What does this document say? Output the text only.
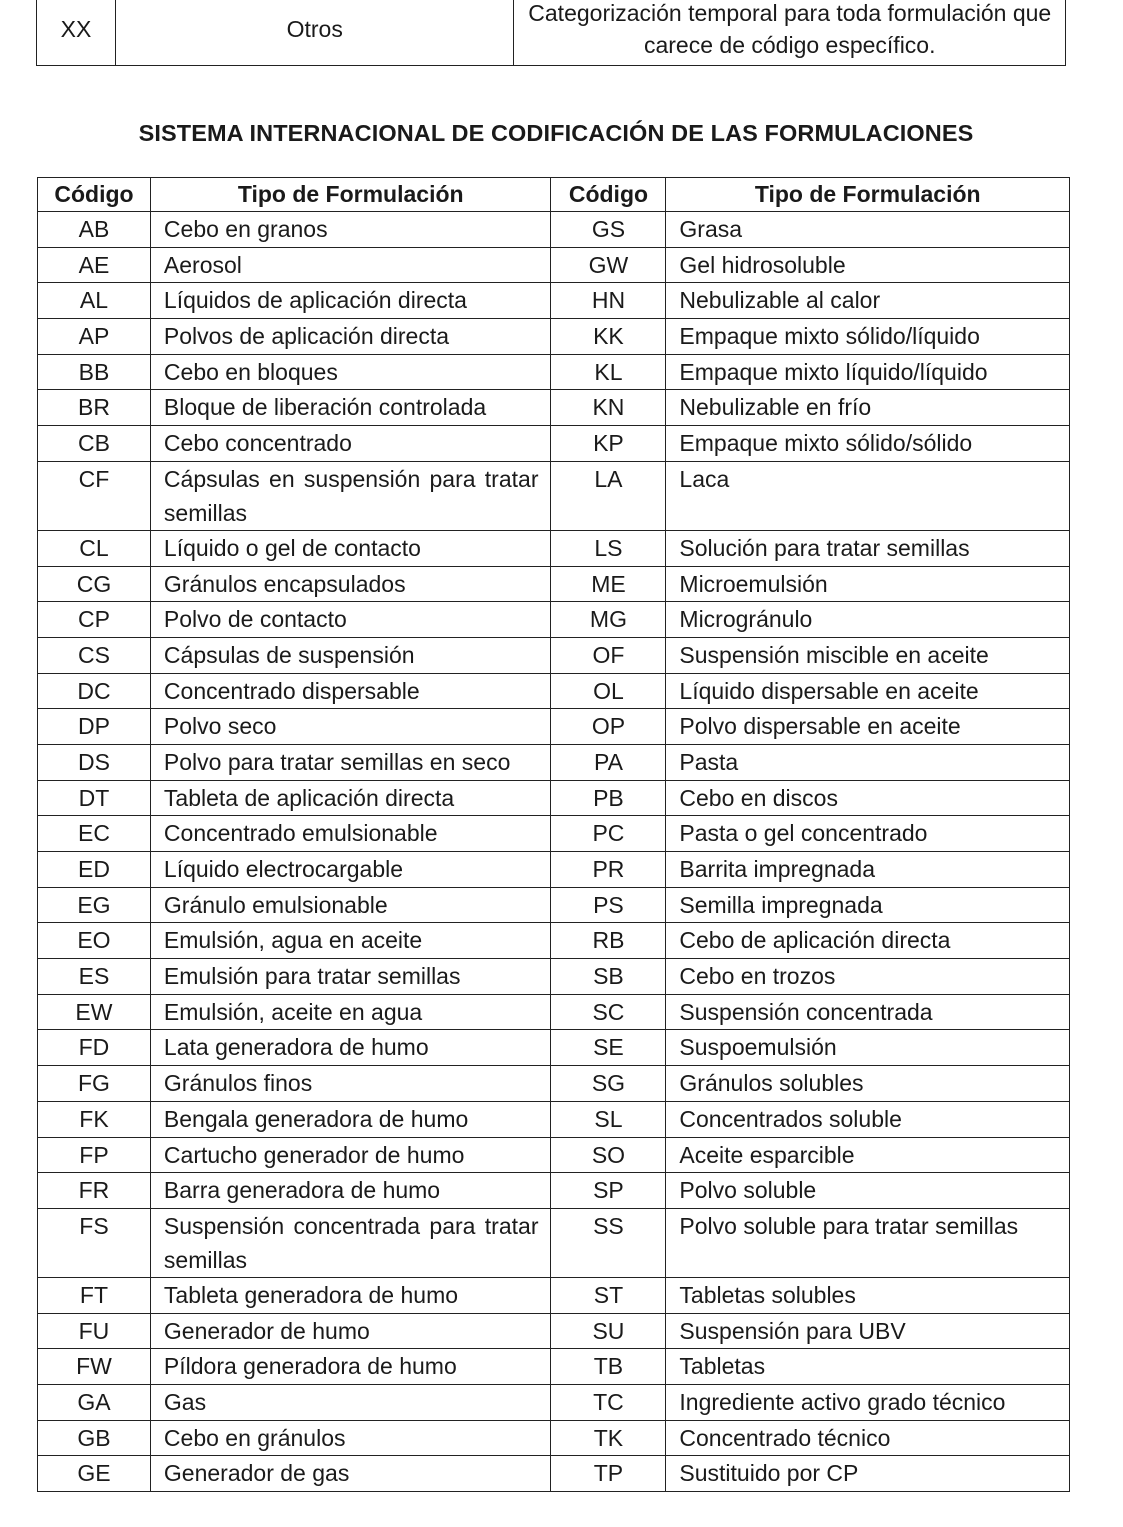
XX	Otros	Categorización temporal para toda formulación que carece de código específico.
SISTEMA INTERNACIONAL DE CODIFICACIÓN DE LAS FORMULACIONES
Código	Tipo de Formulación	Código	Tipo de Formulación
AB	Cebo en granos	GS	Grasa
AE	Aerosol	GW	Gel hidrosoluble
AL	Líquidos de aplicación directa	HN	Nebulizable al calor
AP	Polvos de aplicación directa	KK	Empaque mixto sólido/líquido
BB	Cebo en bloques	KL	Empaque mixto líquido/líquido
BR	Bloque de liberación controlada	KN	Nebulizable en frío
CB	Cebo concentrado	KP	Empaque mixto sólido/sólido
CF	Cápsulas en suspensión para tratar semillas	LA	Laca
CL	Líquido o gel de contacto	LS	Solución para tratar semillas
CG	Gránulos encapsulados	ME	Microemulsión
CP	Polvo de contacto	MG	Microgránulo
CS	Cápsulas de suspensión	OF	Suspensión miscible en aceite
DC	Concentrado dispersable	OL	Líquido dispersable en aceite
DP	Polvo seco	OP	Polvo dispersable en aceite
DS	Polvo para tratar semillas en seco	PA	Pasta
DT	Tableta de aplicación directa	PB	Cebo en discos
EC	Concentrado emulsionable	PC	Pasta o gel concentrado
ED	Líquido electrocargable	PR	Barrita impregnada
EG	Gránulo emulsionable	PS	Semilla impregnada
EO	Emulsión, agua en aceite	RB	Cebo de aplicación directa
ES	Emulsión para tratar semillas	SB	Cebo en trozos
EW	Emulsión, aceite en agua	SC	Suspensión concentrada
FD	Lata generadora de humo	SE	Suspoemulsión
FG	Gránulos finos	SG	Gránulos solubles
FK	Bengala generadora de humo	SL	Concentrados soluble
FP	Cartucho generador de humo	SO	Aceite esparcible
FR	Barra generadora de humo	SP	Polvo soluble
FS	Suspensión concentrada para tratar semillas	SS	Polvo soluble para tratar semillas
FT	Tableta generadora de humo	ST	Tabletas solubles
FU	Generador de humo	SU	Suspensión para UBV
FW	Píldora generadora de humo	TB	Tabletas
GA	Gas	TC	Ingrediente activo grado técnico
GB	Cebo en gránulos	TK	Concentrado técnico
GE	Generador de gas	TP	Sustituido por CP
